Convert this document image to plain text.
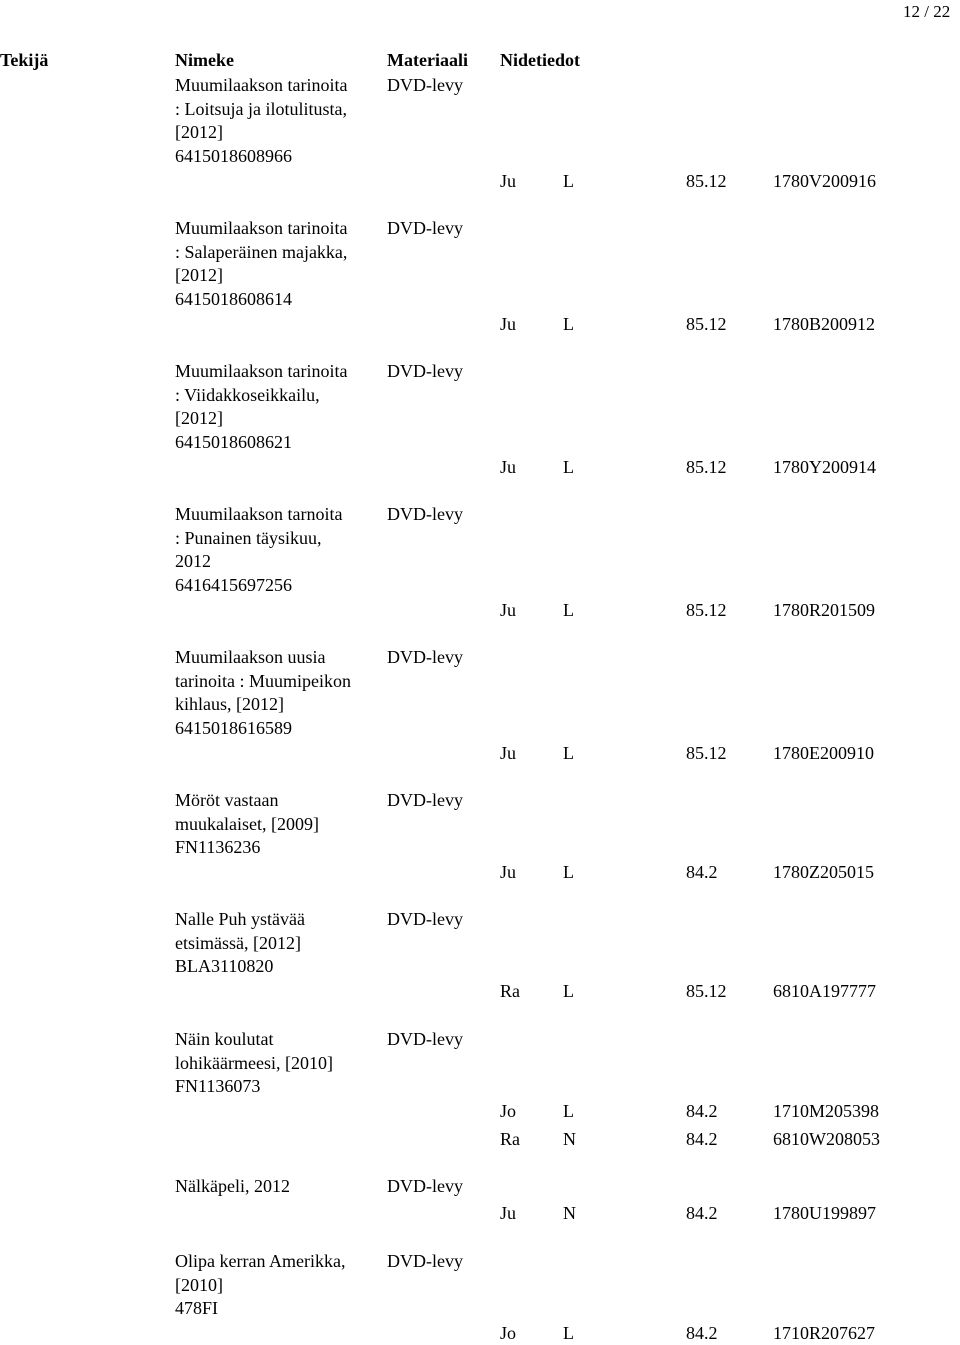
12 / 22
Tekijä	Nimeke	Materiaali Nidetiedot
Muumilaakson tarinoita
: Loitsuja ja ilotulitusta,
[2012]
6415018608966
DVD-levy
Ju	L	85.12	1780V200916
Muumilaakson tarinoita
: Salaperäinen majakka,
[2012]
6415018608614
DVD-levy
Ju	L	85.12	1780B200912
Muumilaakson tarinoita
: Viidakkoseikkailu,
[2012]
6415018608621
DVD-levy
Ju	L	85.12	1780Y200914
Muumilaakson tarnoita
: Punainen täysikuu,
2012
6416415697256
DVD-levy
Ju	L	85.12	1780R201509
Muumilaakson uusia
tarinoita : Muumipeikon
kihlaus, [2012]
6415018616589
DVD-levy
Ju	L	85.12	1780E200910
Möröt vastaan
muukalaiset, [2009]
FN1136236
DVD-levy
Ju	L	84.2	1780Z205015
Nalle Puh ystävää
etsimässä, [2012]
BLA3110820
DVD-levy
Ra L	85.12	6810A197777
Näin koulutat
lohikäärmeesi, [2010]
FN1136073
DVD-levy
Jo	L	84.2	1710M205398
Ra N	84.2	6810W208053
Nälkäpeli, 2012	DVD-levy
Ju	N	84.2	1780U199897
Olipa kerran Amerikka,
[2010]
478FI
DVD-levy
Jo	L	84.2	1710R207627
